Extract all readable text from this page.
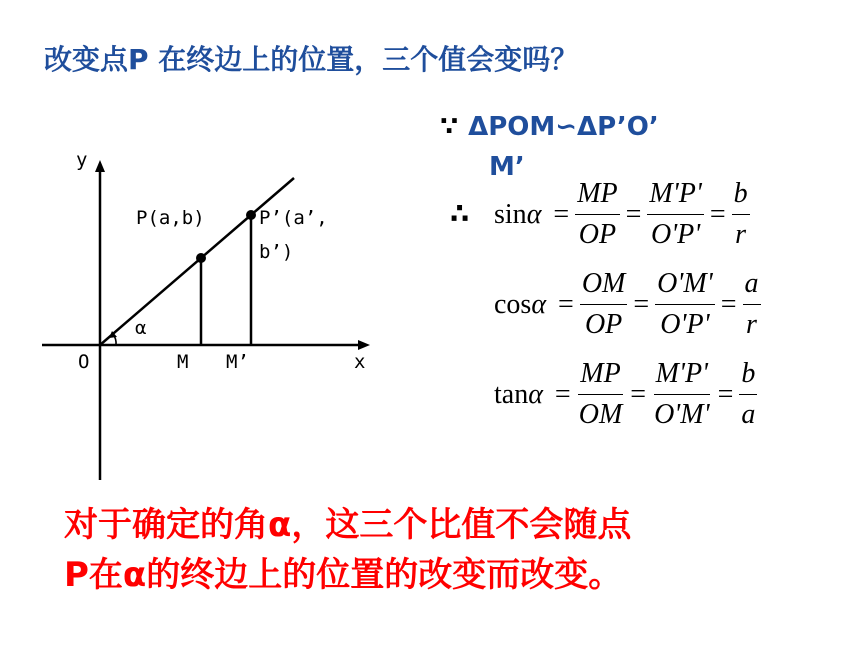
改变点P 在终边上的位置，三个值会变吗？
y
x
O
P(a,b)	P’(a’,
b’)
M M’
α
∵ ΔPOM∽ΔP’O’
M’
∴ $\sin\alpha = \frac{MP}{OP} = \frac{M'P'}{O'P'} = \frac{b}{r}$
$\cos\alpha = \frac{OM}{OP} = \frac{O'M'}{O'P'} = \frac{a}{r}$
$\tan\alpha = \frac{MP}{OM} = \frac{M'P'}{O'M'} = \frac{b}{a}$
对于确定的角α，这三个比值不会随点
P在α的终边上的位置的改变而改变。
